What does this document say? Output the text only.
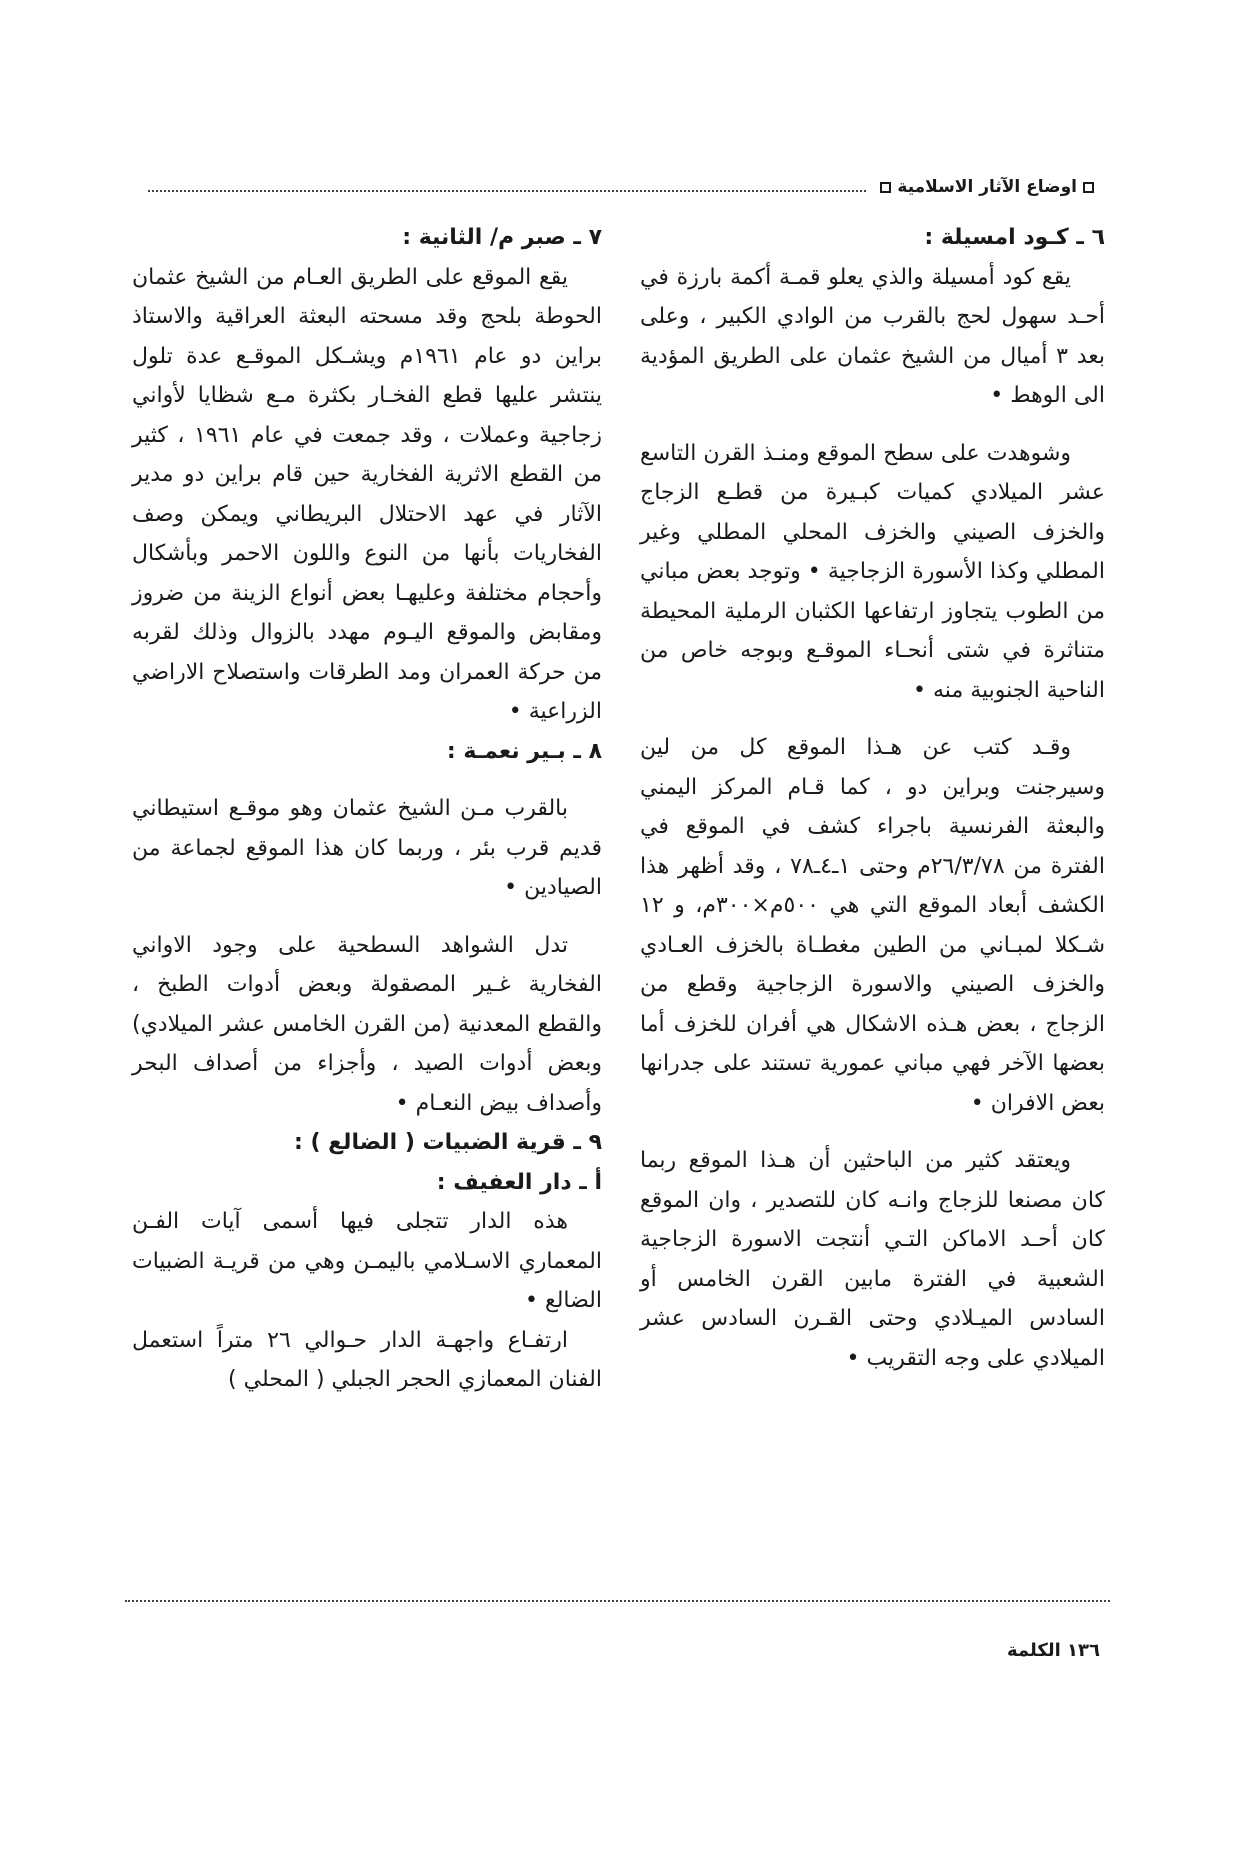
اوضاع الآثار الاسلامية

٦ ـ كـود امسيلة :

يقع كود أمسيلة والذي يعلو قمـة أكمة بارزة في أحـد سهول لحج بالقرب من الوادي الكبير ، وعلى بعد ٣ أميال من الشيخ عثمان على الطريق المؤدية الى الوهط •

وشوهدت على سطح الموقع ومنـذ القرن التاسع عشر الميلادي كميات كبـيرة من قطـع الزجاج والخزف الصيني والخزف المحلي المطلي وغير المطلي وكذا الأسورة الزجاجية • وتوجد بعض مباني من الطوب يتجاوز ارتفاعها الكثبان الرملية المحيطة متناثرة في شتى أنحـاء الموقـع وبوجه خاص من الناحية الجنوبية منه •

وقـد كتب عن هـذا الموقع كل من لين وسيرجنت وبراين دو ، كما قـام المركز اليمني والبعثة الفرنسية باجراء كشف في الموقع في الفترة من ٢٦/٣/٧٨م وحتى ١ـ٤ـ٧٨ ، وقد أظهر هذا الكشف أبعاد الموقع التي هي ٥٠٠م×٣٠٠م، و ١٢ شـكلا لمبـاني من الطين مغطـاة بالخزف العـادي والخزف الصيني والاسورة الزجاجية وقطع من الزجاج ، بعض هـذه الاشكال هي أفران للخزف أما بعضها الآخر فهي مباني عمورية تستند على جدرانها بعض الافران •

ويعتقد كثير من الباحثين أن هـذا الموقع ربما كان مصنعا للزجاج وانـه كان للتصدير ، وان الموقع كان أحـد الاماكن التـي أنتجت الاسورة الزجاجية الشعبية في الفترة مابين القرن الخامس أو السادس الميـلادي وحتى القـرن السادس عشر الميلادي على وجه التقريب •

٧ ـ صبر م/ الثانية :

يقع الموقع على الطريق العـام من الشيخ عثمان الحوطة بلحج وقد مسحته البعثة العراقية والاستاذ براين دو عام ١٩٦١م ويشـكل الموقـع عدة تلول ينتشر عليها قطع الفخـار بكثرة مـع شظايا لأواني زجاجية وعملات ، وقد جمعت في عام ١٩٦١ ، كثير من القطع الاثرية الفخارية حين قام براين دو مدير الآثار في عهد الاحتلال البريطاني ويمكن وصف الفخاريات بأنها من النوع واللون الاحمر وبأشكال وأحجام مختلفة وعليهـا بعض أنواع الزينة من ضروز ومقابض والموقع اليـوم مهدد بالزوال وذلك لقربه من حركة العمران ومد الطرقات واستصلاح الاراضي الزراعية •

٨ ـ بـير نعمـة :

بالقرب مـن الشيخ عثمان وهو موقـع استيطاني قديم قرب بئر ، وربما كان هذا الموقع لجماعة من الصيادين •

تدل الشواهد السطحية على وجود الاواني الفخارية غـير المصقولة وبعض أدوات الطبخ ، والقطع المعدنية (من القرن الخامس عشر الميلادي) وبعض أدوات الصيد ، وأجزاء من أصداف البحر وأصداف بيض النعـام •

٩ ـ قرية الضبيات ( الضالع ) :

أ ـ دار العفيف :

هذه الدار تتجلى فيها أسمى آيات الفـن المعماري الاسـلامي باليمـن وهي من قريـة الضبيات الضالع •

ارتفـاع واجهـة الدار حـوالي ٢٦ متراً استعمل الفنان المعمازي الحجر الجبلي ( المحلي )

١٣٦ الكلمة
